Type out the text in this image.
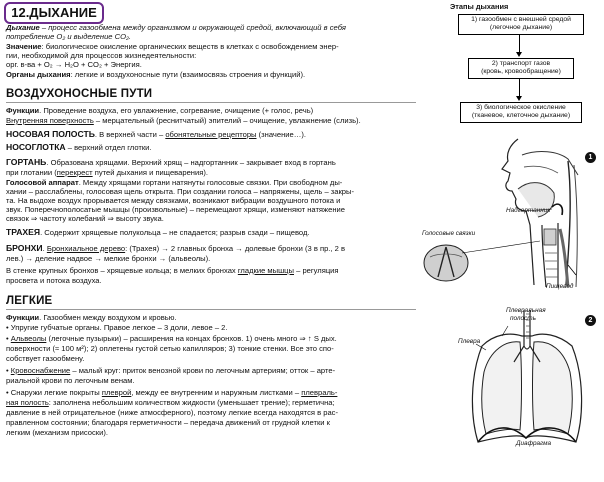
12.ДЫХАНИЕ
Дыхание – процесс газообмена между организмом и окружающей средой, включающий в себя
потребление O₂ и выделение CO₂.
Значение: биологическое окисление органических веществ в клетках с освобождением энер-
гии, необходимой для процессов жизнедеятельности:
орг. в-ва + O₂ → H₂O + CO₂ + Энергия.
Органы дыхания: легкие и воздухоносные пути (взаимосвязь строения и функций).
ВОЗДУХОНОСНЫЕ ПУТИ
Функции. Проведение воздуха, его увлажнение, согревание, очищение (+ голос, речь)
Внутренняя поверхность – мерцательный (реснитчатый) эпителий – очищение, увлажнение (слизь).
НОСОВАЯ ПОЛОСТЬ. В верхней части – обонятельные рецепторы (значение…).
НОСОГЛОТКА – верхний отдел глотки.
ГОРТАНЬ. Образована хрящами. Верхний хрящ – надгортанник – закрывает вход в гортань
при глотании (перекрест путей дыхания и пищеварения).
Голосовой аппарат. Между хрящами гортани натянуты голосовые связки. При свободном ды-
хании – расслаблены, голосовая щель открыта. При создании голоса – напряжены, щель – закры-
та. На выдохе воздух прорывается между связками, возникают вибрации воздушного потока и
звук. Поперечнополосатые мышцы (произвольные) – перемещают хрящи, изменяют натяжение
связок ⇒ частоту колебаний ⇒ высоту звука.
ТРАХЕЯ. Содержит хрящевые полукольца – не спадается; разрыв сзади – пищевод.
БРОНХИ. Бронхиальное дерево: (Трахея) → 2 главных бронха → долевые бронхи (3 в пр., 2 в
лев.) → деление надвое → мелкие бронхи → (альвеолы).
В стенке крупных бронхов – хрящевые кольца; в мелких бронхах гладкие мышцы – регуляция
просвета и потока воздуха.
ЛЕГКИЕ
Функции. Газообмен между воздухом и кровью.
• Упругие губчатые органы. Правое легкое – 3 доли, левое – 2.
• Альвеолы (легочные пузырьки) – расширения на концах бронхов. 1) очень много ⇒ ↑ S дых.
поверхности (≈ 100 м²); 2) оплетены густой сетью капилляров; 3) тонкие стенки. Все это спо-
собствует газообмену.
• Кровоснабжение – малый круг: приток венозной крови по легочным артериям; отток – арте-
риальной крови по легочным венам.
• Снаружи легкие покрыты плеврой, между ее внутренним и наружным листками – плевраль-
ная полость: заполнена небольшим количеством жидкости (уменьшает трение); герметична;
давление в ней отрицательное (ниже атмосферного), поэтому легкие всегда находятся в рас-
правленном состоянии; благодаря герметичности – передача движений от грудной клетки к
легким (механизм присоски).
Этапы дыхания
1) газообмен с внешней средой
(легочное дыхание)
2) транспорт газов
(кровь, кровообращение)
3) биологическое окисление
(тканевое, клеточное дыхание)
1
Надгортанник
Голосовые связки
Пищевод
2
Плевральная
полость
Плевра
Диафрагма
